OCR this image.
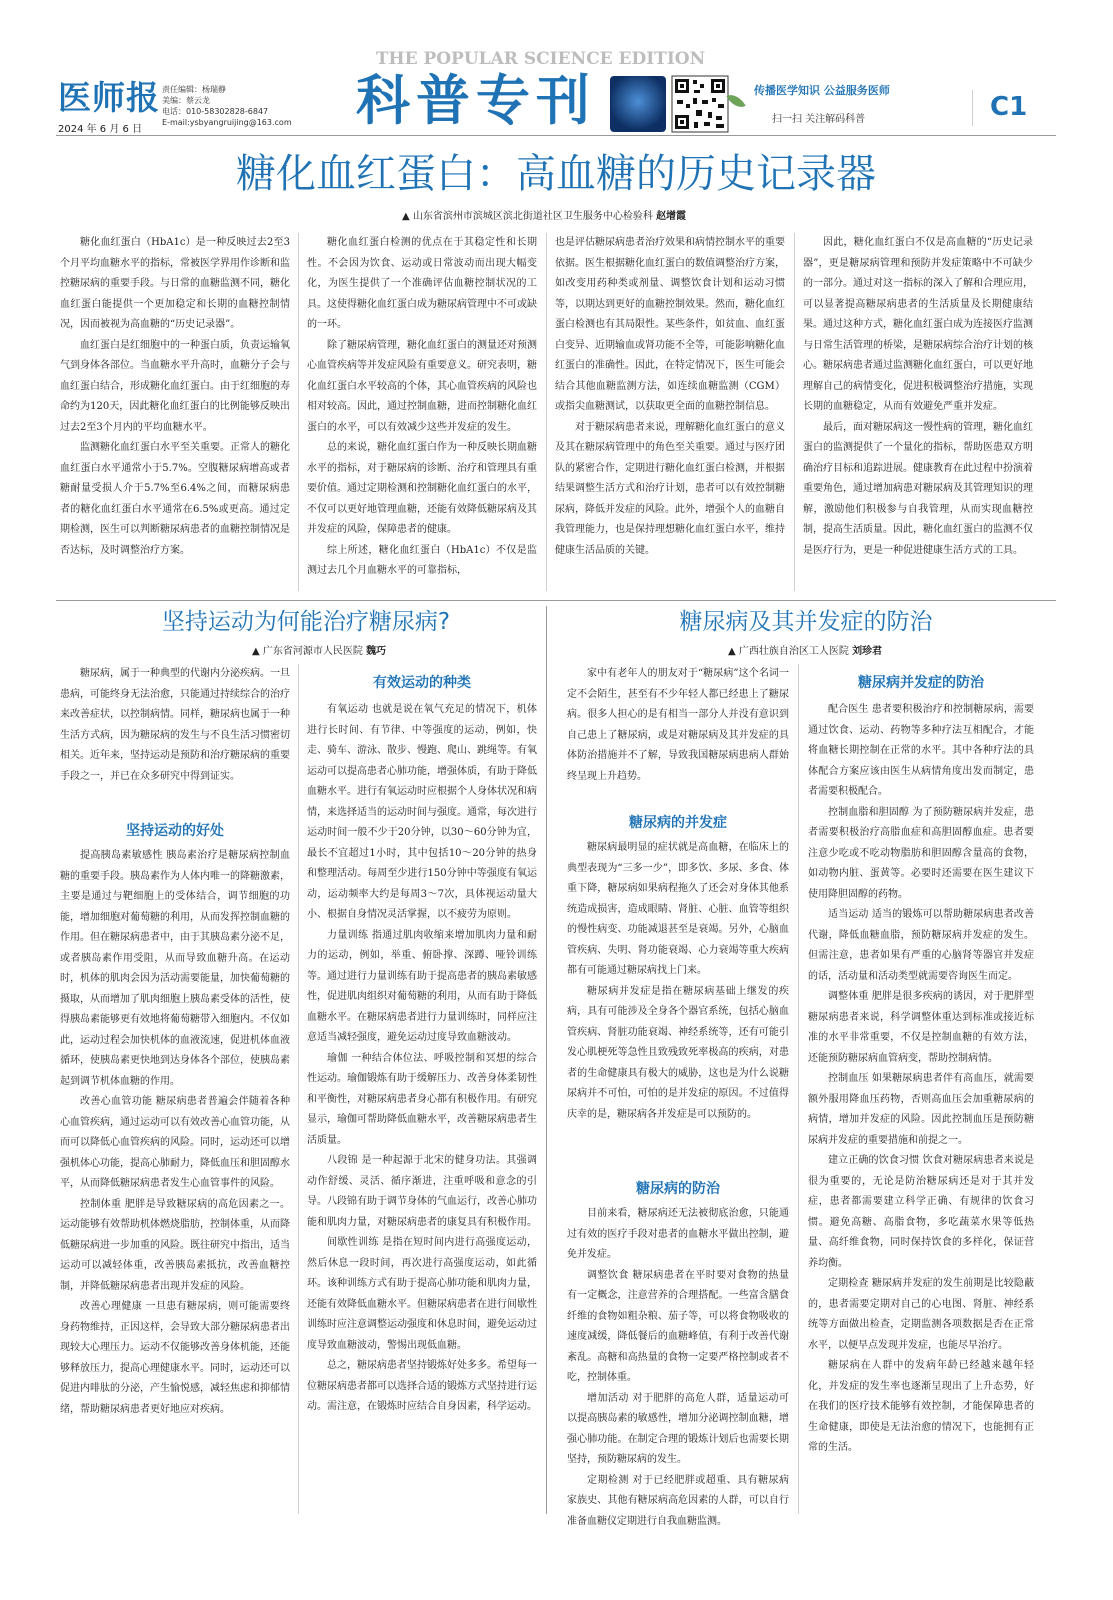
医师报
2024 年 6 月 6 日
责任编辑：杨瑞静
美编：蔡云龙
电话：010-58302828-6847
E-mail:ysbyangruijing@163.com
THE POPULAR SCIENCE EDITION
科普专刊	传播医学知识 公益服务医师
扫一扫 关注解码科普	C1
糖化血红蛋白：高血糖的历史记录器
▲ 山东省滨州市滨城区滨北街道社区卫生服务中心检验科 赵增霞

糖化血红蛋白（HbA1c）是一种反映过去2至3个月平均血糖水平的指标，常被医学界用作诊断和监控糖尿病的重要手段。与日常的血糖监测不同，糖化血红蛋白能提供一个更加稳定和长期的血糖控制情况，因而被视为高血糖的“历史记录器”。

血红蛋白是红细胞中的一种蛋白质，负责运输氧气到身体各部位。当血糖水平升高时，血糖分子会与血红蛋白结合，形成糖化血红蛋白。由于红细胞的寿命约为120天，因此糖化血红蛋白的比例能够反映出过去2至3个月内的平均血糖水平。

监测糖化血红蛋白水平至关重要。正常人的糖化血红蛋白水平通常小于5.7%。空腹糖尿病增高或者糖耐量受损人介于5.7%至6.4%之间，而糖尿病患者的糖化血红蛋白水平通常在6.5%或更高。通过定期检测，医生可以判断糖尿病患者的血糖控制情况是否达标，及时调整治疗方案。

糖化血红蛋白检测的优点在于其稳定性和长期性。不会因为饮食、运动或日常波动而出现大幅变化，为医生提供了一个准确评估血糖控制状况的工具。这使得糖化血红蛋白成为糖尿病管理中不可或缺的一环。

除了糖尿病管理，糖化血红蛋白的测量还对预测心血管疾病等并发症风险有重要意义。研究表明，糖化血红蛋白水平较高的个体，其心血管疾病的风险也相对较高。因此，通过控制血糖，进而控制糖化血红蛋白的水平，可以有效减少这些并发症的发生。

总的来说，糖化血红蛋白作为一种反映长期血糖水平的指标，对于糖尿病的诊断、治疗和管理具有重要价值。通过定期检测和控制糖化血红蛋白的水平，不仅可以更好地管理血糖，还能有效降低糖尿病及其并发症的风险，保障患者的健康。

综上所述，糖化血红蛋白（HbA1c）不仅是监测过去几个月血糖水平的可靠指标，

也是评估糖尿病患者治疗效果和病情控制水平的重要依据。医生根据糖化血红蛋白的数值调整治疗方案，如改变用药种类或剂量、调整饮食计划和运动习惯等，以期达到更好的血糖控制效果。然而，糖化血红蛋白检测也有其局限性。某些条件，如贫血、血红蛋白变异、近期输血或肾功能不全等，可能影响糖化血红蛋白的准确性。因此，在特定情况下，医生可能会结合其他血糖监测方法，如连续血糖监测（CGM）或指尖血糖测试，以获取更全面的血糖控制信息。

对于糖尿病患者来说，理解糖化血红蛋白的意义及其在糖尿病管理中的角色至关重要。通过与医疗团队的紧密合作，定期进行糖化血红蛋白检测，并根据结果调整生活方式和治疗计划，患者可以有效控制糖尿病，降低并发症的风险。此外，增强个人的血糖自我管理能力，也是保持理想糖化血红蛋白水平，维持健康生活品质的关键。

因此，糖化血红蛋白不仅是高血糖的“历史记录器”，更是糖尿病管理和预防并发症策略中不可缺少的一部分。通过对这一指标的深入了解和合理应用，可以显著提高糖尿病患者的生活质量及长期健康结果。通过这种方式，糖化血红蛋白成为连接医疗监测与日常生活管理的桥梁，是糖尿病综合治疗计划的核心。糖尿病患者通过监测糖化血红蛋白，可以更好地理解自己的病情变化，促进积极调整治疗措施，实现长期的血糖稳定，从而有效避免严重并发症。

最后，面对糖尿病这一慢性病的管理，糖化血红蛋白的监测提供了一个量化的指标，帮助医患双方明确治疗目标和追踪进展。健康教育在此过程中扮演着重要角色，通过增加病患对糖尿病及其管理知识的理解，激励他们积极参与自我管理，从而实现血糖控制，提高生活质量。因此，糖化血红蛋白的监测不仅是医疗行为，更是一种促进健康生活方式的工具。

坚持运动为何能治疗糖尿病?
▲ 广东省河源市人民医院 魏巧

糖尿病，属于一种典型的代谢内分泌疾病。一旦患病，可能终身无法治愈，只能通过持续综合的治疗来改善症状，以控制病情。同样，糖尿病也属于一种生活方式病，因为糖尿病的发生与不良生活习惯密切相关。近年来，坚持运动是预防和治疗糖尿病的重要手段之一，并已在众多研究中得到证实。

坚持运动的好处

提高胰岛素敏感性 胰岛素治疗是糖尿病控制血糖的重要手段。胰岛素作为人体内唯一的降糖激素，主要是通过与靶细胞上的受体结合，调节细胞的功能，增加细胞对葡萄糖的利用，从而发挥控制血糖的作用。但在糖尿病患者中，由于其胰岛素分泌不足，或者胰岛素作用受阻，从而导致血糖升高。在运动时，机体的肌肉会因为活动需要能量，加快葡萄糖的摄取，从而增加了肌肉细胞上胰岛素受体的活性，使得胰岛素能够更有效地将葡萄糖带入细胞内。不仅如此，运动过程会加快机体的血液流速，促进机体血液循环，使胰岛素更快地到达身体各个部位，使胰岛素起到调节机体血糖的作用。

改善心血管功能 糖尿病患者普遍会伴随着各种心血管疾病，通过运动可以有效改善心血管功能，从而可以降低心血管疾病的风险。同时，运动还可以增强机体心功能，提高心肺耐力，降低血压和胆固醇水平，从而降低糖尿病患者发生心血管事件的风险。

控制体重 肥胖是导致糖尿病的高危因素之一。运动能够有效帮助机体燃烧脂肪，控制体重，从而降低糖尿病进一步加重的风险。既往研究中指出，适当运动可以减轻体重，改善胰岛素抵抗，改善血糖控制，并降低糖尿病患者出现并发症的风险。

改善心理健康 一旦患有糖尿病，则可能需要终身药物维持，正因这样，会导致大部分糖尿病患者出现较大心理压力。运动不仅能够改善身体机能，还能够释放压力，提高心理健康水平。同时，运动还可以促进内啡肽的分泌，产生愉悦感，减轻焦虑和抑郁情绪，帮助糖尿病患者更好地应对疾病。

有效运动的种类

有氧运动 也就是说在氧气充足的情况下，机体进行长时间、有节律、中等强度的运动，例如，快走、骑车、游泳、散步、慢跑、爬山、跳绳等。有氧运动可以提高患者心肺功能，增强体质，有助于降低血糖水平。进行有氧运动时应根据个人身体状况和病情，来选择适当的运动时间与强度。通常，每次进行运动时间一般不少于20分钟，以30～60分钟为宜，最长不宜超过1小时，其中包括10～20分钟的热身和整理活动。每周至少进行150分钟中等强度有氧运动，运动频率大约是每周3～7次，具体视运动量大小、根据自身情况灵活掌握，以不疲劳为原则。

力量训练 指通过肌肉收缩来增加肌肉力量和耐力的运动，例如，举重、俯卧撑、深蹲、哑铃训练等。通过进行力量训练有助于提高患者的胰岛素敏感性，促进肌肉组织对葡萄糖的利用，从而有助于降低血糖水平。在糖尿病患者进行力量训练时，同样应注意适当减轻强度，避免运动过度导致血糖波动。

瑜伽 一种结合体位法、呼吸控制和冥想的综合性运动。瑜伽锻炼有助于缓解压力、改善身体柔韧性和平衡性，对糖尿病患者身心都有积极作用。有研究显示，瑜伽可帮助降低血糖水平，改善糖尿病患者生活质量。

八段锦 是一种起源于北宋的健身功法。其强调动作舒缓、灵活、循序渐进，注重呼吸和意念的引导。八段锦有助于调节身体的气血运行，改善心肺功能和肌肉力量，对糖尿病患者的康复具有积极作用。

间歇性训练 是指在短时间内进行高强度运动，然后休息一段时间，再次进行高强度运动，如此循环。该种训练方式有助于提高心肺功能和肌肉力量，还能有效降低血糖水平。但糖尿病患者在进行间歇性训练时应注意调整运动强度和休息时间，避免运动过度导致血糖波动，警惕出现低血糖。

总之，糖尿病患者坚持锻炼好处多多。希望每一位糖尿病患者都可以选择合适的锻炼方式坚持进行运动。需注意，在锻炼时应结合自身因素，科学运动。

糖尿病及其并发症的防治
▲ 广西壮族自治区工人医院 刘珍君

家中有老年人的朋友对于“糖尿病”这个名词一定不会陌生，甚至有不少年轻人都已经患上了糖尿病。很多人担心的是有相当一部分人并没有意识到自己患上了糖尿病，或是对糖尿病及其并发症的具体防治措施并不了解，导致我国糖尿病患病人群始终呈现上升趋势。

糖尿病的并发症

糖尿病最明显的症状就是高血糖，在临床上的典型表现为“三多一少”，即多饮、多尿、多食、体重下降，糖尿病如果病程拖久了还会对身体其他系统造成损害，造成眼睛、肾脏、心脏、血管等组织的慢性病变、功能减退甚至是衰竭。另外，心脑血管疾病、失明、肾功能衰竭、心力衰竭等重大疾病都有可能通过糖尿病找上门来。

糖尿病并发症是指在糖尿病基础上继发的疾病，具有可能涉及全身各个器官系统，包括心脑血管疾病、肾脏功能衰竭、神经系统等，还有可能引发心肌梗死等急性且致残致死率极高的疾病，对患者的生命健康具有极大的威胁，这也是为什么说糖尿病并不可怕，可怕的是并发症的原因。不过值得庆幸的是，糖尿病各并发症是可以预防的。

糖尿病的防治

目前来看，糖尿病还无法被彻底治愈，只能通过有效的医疗手段对患者的血糖水平做出控制，避免并发症。

调整饮食 糖尿病患者在平时要对食物的热量有一定概念，注意营养的合理搭配。一些富含膳食纤维的食物如粗杂粮、茄子等，可以将食物吸收的速度减缓，降低餐后的血糖峰值，有利于改善代谢紊乱。高糖和高热量的食物一定要严格控制或者不吃，控制体重。

增加活动 对于肥胖的高危人群，适量运动可以提高胰岛素的敏感性，增加分泌调控制血糖，增强心肺功能。在制定合理的锻炼计划后也需要长期坚持，预防糖尿病的发生。

定期检测 对于已经肥胖或超重、具有糖尿病家族史、其他有糖尿病高危因素的人群，可以自行准备血糖仪定期进行自我血糖监测。

糖尿病并发症的防治

配合医生 患者要积极治疗和控制糖尿病，需要通过饮食、运动、药物等多种疗法互相配合，才能将血糖长期控制在正常的水平。其中各种疗法的具体配合方案应该由医生从病情角度出发而制定，患者需要积极配合。

控制血脂和胆固醇 为了预防糖尿病并发症，患者需要积极治疗高脂血症和高胆固醇血症。患者要注意少吃或不吃动物脂肪和胆固醇含量高的食物，如动物内脏、蛋黄等。必要时还需要在医生建议下使用降胆固醇的药物。

适当运动 适当的锻炼可以帮助糖尿病患者改善代谢，降低血糖血脂，预防糖尿病并发症的发生。但需注意，患者如果有严重的心脑肾等器官并发症的话，活动量和活动类型就需要咨询医生而定。

调整体重 肥胖是很多疾病的诱因，对于肥胖型糖尿病患者来说，科学调整体重达到标准或接近标准的水平非常重要，不仅是控制血糖的有效方法，还能预防糖尿病血管病变，帮助控制病情。

控制血压 如果糖尿病患者伴有高血压，就需要额外服用降血压药物，否则高血压会加重糖尿病的病情，增加并发症的风险。因此控制血压是预防糖尿病并发症的重要措施和前提之一。

建立正确的饮食习惯 饮食对糖尿病患者来说是很为重要的，无论是防治糖尿病还是对于其并发症，患者都需要建立科学正确、有规律的饮食习惯。避免高糖、高脂食物，多吃蔬菜水果等低热量、高纤维食物，同时保持饮食的多样化，保证营养均衡。

定期检查 糖尿病并发症的发生前期是比较隐蔽的，患者需要定期对自己的心电图、肾脏、神经系统等方面做出检查，定期监测各项数据是否在正常水平，以便早点发现并发症，也能尽早治疗。

糖尿病在人群中的发病年龄已经越来越年轻化，并发症的发生率也逐渐呈现出了上升态势，好在我们的医疗技术能够有效控制，才能保障患者的生命健康，即使是无法治愈的情况下，也能拥有正常的生活。
